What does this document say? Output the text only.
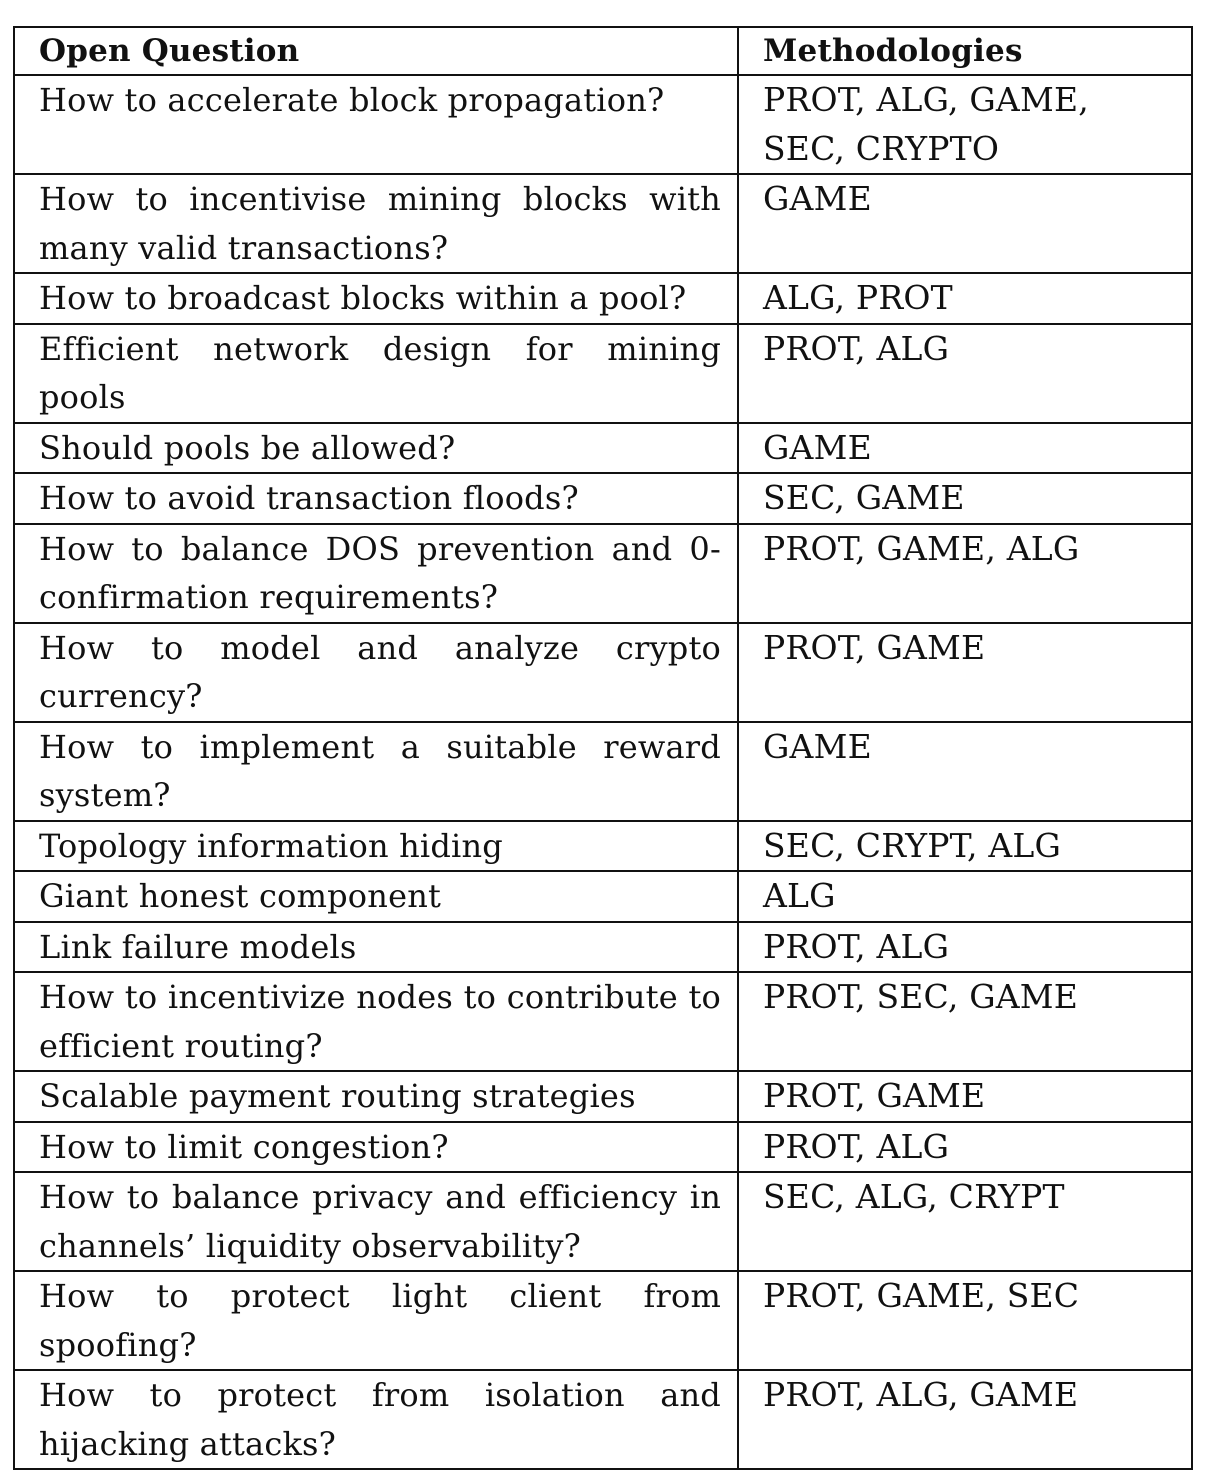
Open Question	Methodologies
How to accelerate block propagation?	PROT, ALG, GAME, SEC, CRYPTO
How to incentivise mining blocks with many valid transactions?	GAME
How to broadcast blocks within a pool?	ALG, PROT
Efficient network design for mining pools	PROT, ALG
Should pools be allowed?	GAME
How to avoid transaction floods?	SEC, GAME
How to balance DOS prevention and 0-confirmation requirements?	PROT, GAME, ALG
How to model and analyze crypto currency?	PROT, GAME
How to implement a suitable reward system?	GAME
Topology information hiding	SEC, CRYPT, ALG
Giant honest component	ALG
Link failure models	PROT, ALG
How to incentivize nodes to contribute to efficient routing?	PROT, SEC, GAME
Scalable payment routing strategies	PROT, GAME
How to limit congestion?	PROT, ALG
How to balance privacy and efficiency in channels’ liquidity observability?	SEC, ALG, CRYPT
How to protect light client from spoofing?	PROT, GAME, SEC
How to protect from isolation and hijacking attacks?	PROT, ALG, GAME
